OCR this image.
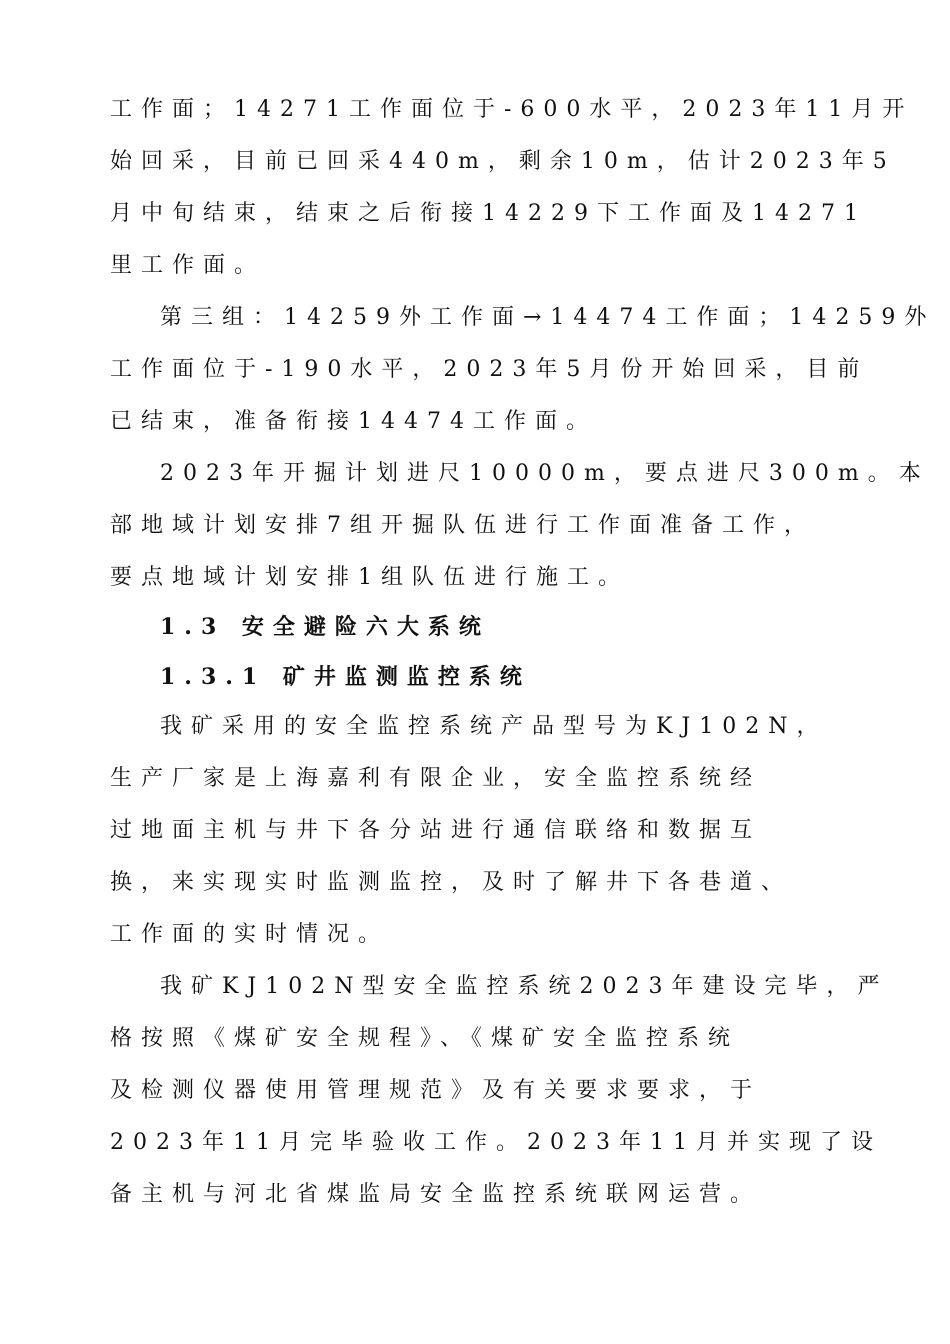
工作面；14271工作面位于-600水平，2023年11月开
始回采，目前已回采440m，剩余10m，估计2023年5
月中旬结束，结束之后衔接14229下工作面及14271
里工作面。
第三组：14259外工作面→14474工作面；14259外
工作面位于-190水平，2023年5月份开始回采，目前
已结束，准备衔接14474工作面。
2023年开掘计划进尺10000m，要点进尺300m。本
部地域计划安排7组开掘队伍进行工作面准备工作，
要点地域计划安排1组队伍进行施工。
1.3 安全避险六大系统
1.3.1 矿井监测监控系统
我矿采用的安全监控系统产品型号为KJ102N，
生产厂家是上海嘉利有限企业，安全监控系统经
过地面主机与井下各分站进行通信联络和数据互
换，来实现实时监测监控，及时了解井下各巷道、
工作面的实时情况。
我矿KJ102N型安全监控系统2023年建设完毕，严
格按照《煤矿安全规程》、《煤矿安全监控系统
及检测仪器使用管理规范》及有关要求要求，于
2023年11月完毕验收工作。2023年11月并实现了设
备主机与河北省煤监局安全监控系统联网运营。
